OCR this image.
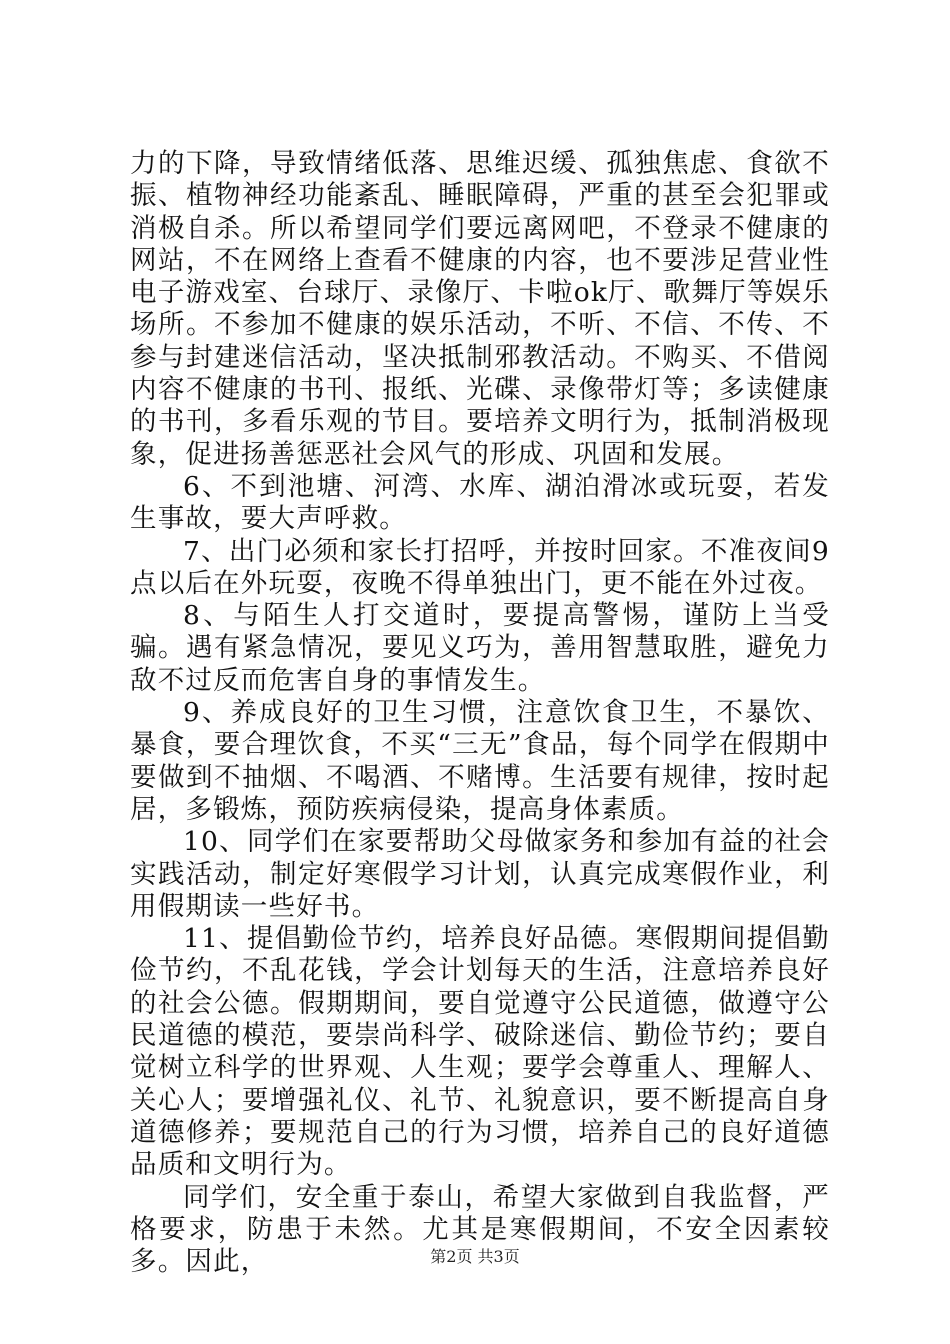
力的下降，导致情绪低落、思维迟缓、孤独焦虑、食欲不振、植物神经功能紊乱、睡眠障碍，严重的甚至会犯罪或消极自杀。所以希望同学们要远离网吧，不登录不健康的网站，不在网络上查看不健康的内容，也不要涉足营业性电子游戏室、台球厅、录像厅、卡啦ok厅、歌舞厅等娱乐场所。不参加不健康的娱乐活动，不听、不信、不传、不参与封建迷信活动，坚决抵制邪教活动。不购买、不借阅内容不健康的书刊、报纸、光碟、录像带灯等；多读健康的书刊，多看乐观的节目。要培养文明行为，抵制消极现象，促进扬善惩恶社会风气的形成、巩固和发展。

6、不到池塘、河湾、水库、湖泊滑冰或玩耍，若发生事故，要大声呼救。

7、出门必须和家长打招呼，并按时回家。不准夜间9点以后在外玩耍，夜晚不得单独出门，更不能在外过夜。

8、与陌生人打交道时，要提高警惕，谨防上当受骗。遇有紧急情况，要见义巧为，善用智慧取胜，避免力敌不过反而危害自身的事情发生。

9、养成良好的卫生习惯，注意饮食卫生，不暴饮、暴食，要合理饮食，不买“三无”食品，每个同学在假期中要做到不抽烟、不喝酒、不赌博。生活要有规律，按时起居，多锻炼，预防疾病侵染，提高身体素质。

10、同学们在家要帮助父母做家务和参加有益的社会实践活动，制定好寒假学习计划，认真完成寒假作业，利用假期读一些好书。

11、提倡勤俭节约，培养良好品德。寒假期间提倡勤俭节约，不乱花钱，学会计划每天的生活，注意培养良好的社会公德。假期期间，要自觉遵守公民道德，做遵守公民道德的模范，要崇尚科学、破除迷信、勤俭节约；要自觉树立科学的世界观、人生观；要学会尊重人、理解人、关心人；要增强礼仪、礼节、礼貌意识，要不断提高自身道德修养；要规范自己的行为习惯，培养自己的良好道德品质和文明行为。

同学们，安全重于泰山，希望大家做到自我监督，严格要求，防患于未然。尤其是寒假期间，不安全因素较多。因此，	第2页 共3页
